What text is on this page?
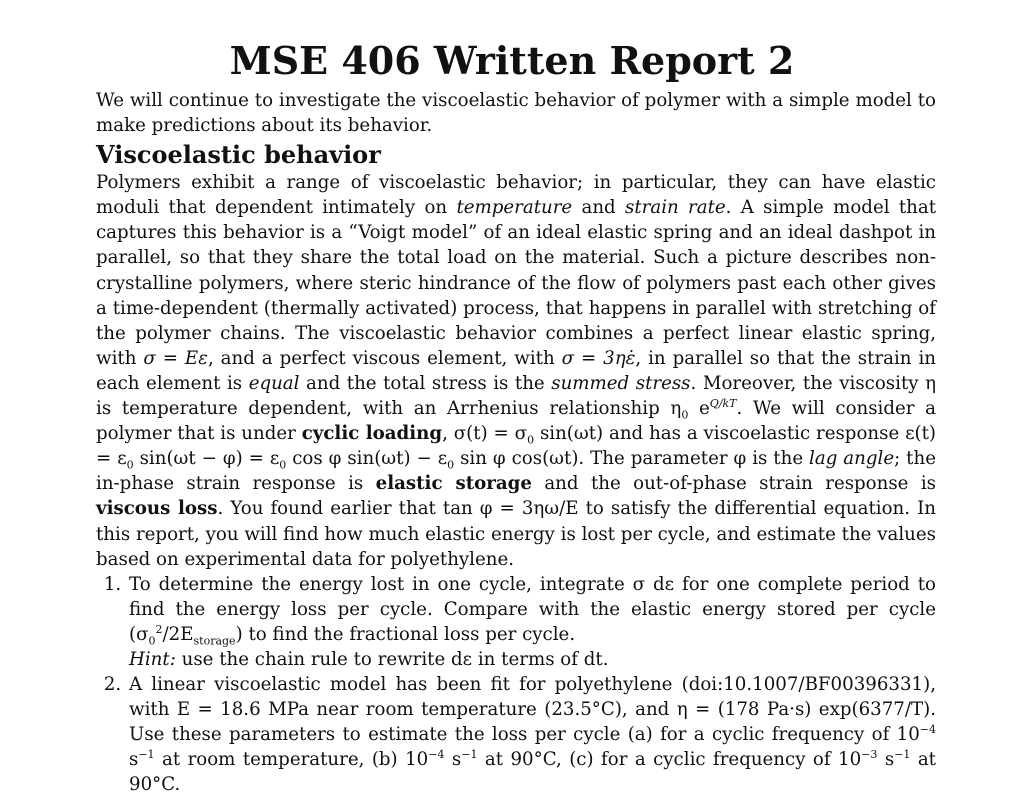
MSE 406 Written Report 2

We will continue to investigate the viscoelastic behavior of polymer with a simple model to make predictions about its behavior.

Viscoelastic behavior

Polymers exhibit a range of viscoelastic behavior; in particular, they can have elastic moduli that dependent intimately on temperature and strain rate. A simple model that captures this behavior is a “Voigt model” of an ideal elastic spring and an ideal dashpot in parallel, so that they share the total load on the material. Such a picture describes non-crystalline polymers, where steric hindrance of the flow of polymers past each other gives a time-dependent (thermally activated) process, that happens in parallel with stretching of the polymer chains. The viscoelastic behavior combines a perfect linear elastic spring, with σ = Eε, and a perfect viscous element, with σ = 3ηε̇, in parallel so that the strain in each element is equal and the total stress is the summed stress. Moreover, the viscosity η is temperature dependent, with an Arrhenius relationship $\eta_0$ $e^{Q/kT}$. We will consider a polymer that is under cyclic loading, $\sigma(t) = \sigma_0$ sin(ωt) and has a viscoelastic response $\varepsilon(t) = \varepsilon_0$ $\sin(\omega t - \varphi) = \varepsilon_0$ cos φ $\sin(\omega t) - \varepsilon_0$ sin φ cos(ωt). The parameter φ is the lag angle; the in-phase strain response is elastic storage and the out-of-phase strain response is viscous loss. You found earlier that tan φ = 3ηω/E to satisfy the differential equation. In this report, you will find how much elastic energy is lost per cycle, and estimate the values based on experimental data for polyethylene.

1. To determine the energy lost in one cycle, integrate σ dε for one complete period to find the energy loss per cycle. Compare with the elastic energy stored per cycle $(\sigma_0^2/2E_{storage})$ to find the fractional loss per cycle.
Hint: use the chain rule to rewrite dε in terms of dt.
2. A linear viscoelastic model has been fit for polyethylene (doi:10.1007/BF00396331), with E = 18.6 MPa near room temperature (23.5°C), and η = (178 Pa·s) exp(6377/T). Use these parameters to estimate the loss per cycle (a) for a cyclic frequency of $10^{-4}$ $s^{-1}$ at room temperature, (b) $10^{-4}$ $s^{-1}$ at 90°C, (c) for a cyclic frequency of $10^{-3}$ $s^{-1}$ at 90°C.
